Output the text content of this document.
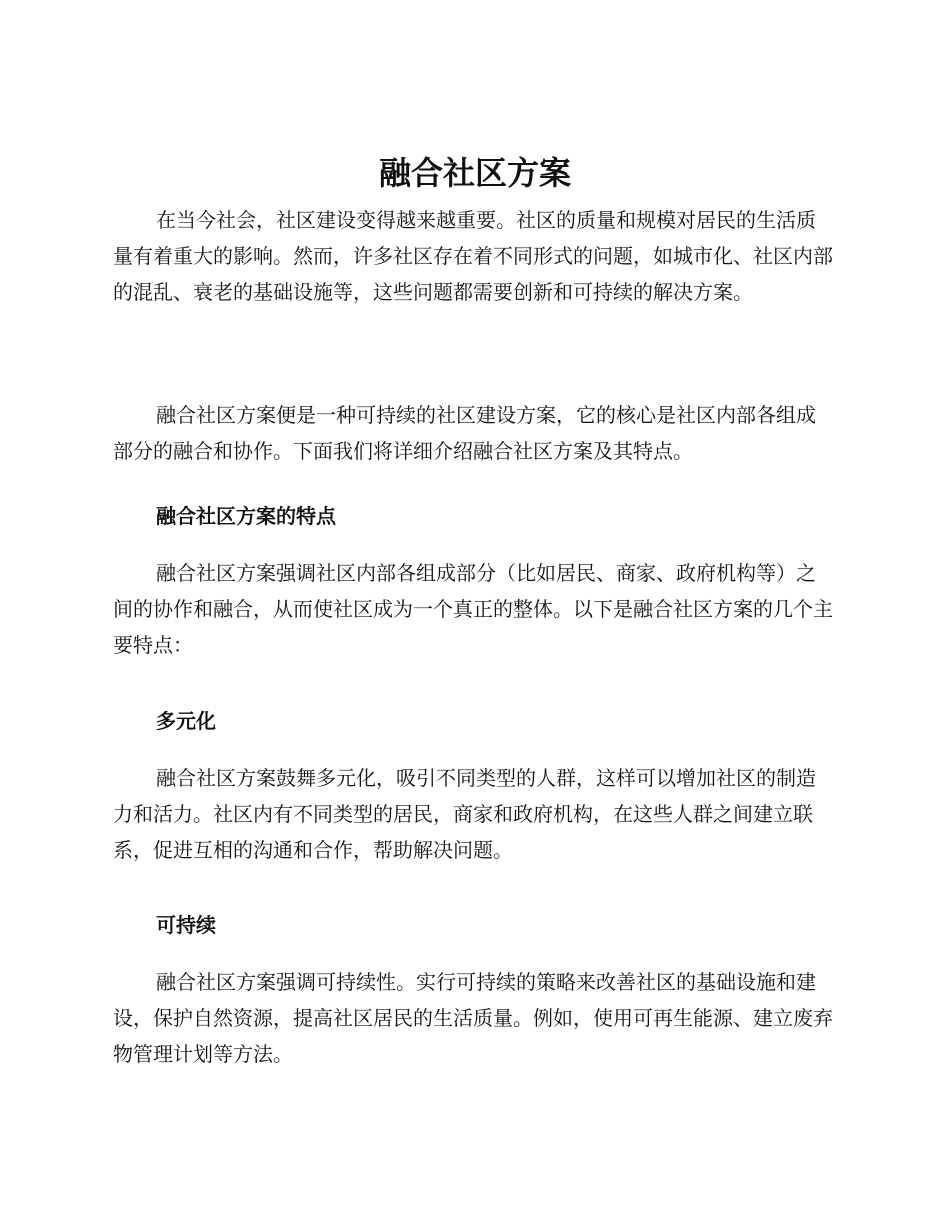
融合社区方案

在当今社会，社区建设变得越来越重要。社区的质量和规模对居民的生活质量有着重大的影响。然而，许多社区存在着不同形式的问题，如城市化、社区内部的混乱、衰老的基础设施等，这些问题都需要创新和可持续的解决方案。

融合社区方案便是一种可持续的社区建设方案，它的核心是社区内部各组成部分的融合和协作。下面我们将详细介绍融合社区方案及其特点。

融合社区方案的特点

融合社区方案强调社区内部各组成部分（比如居民、商家、政府机构等）之间的协作和融合，从而使社区成为一个真正的整体。以下是融合社区方案的几个主要特点：

多元化

融合社区方案鼓舞多元化，吸引不同类型的人群，这样可以增加社区的制造力和活力。社区内有不同类型的居民，商家和政府机构，在这些人群之间建立联系，促进互相的沟通和合作，帮助解决问题。

可持续

融合社区方案强调可持续性。实行可持续的策略来改善社区的基础设施和建设，保护自然资源，提高社区居民的生活质量。例如，使用可再生能源、建立废弃物管理计划等方法。
